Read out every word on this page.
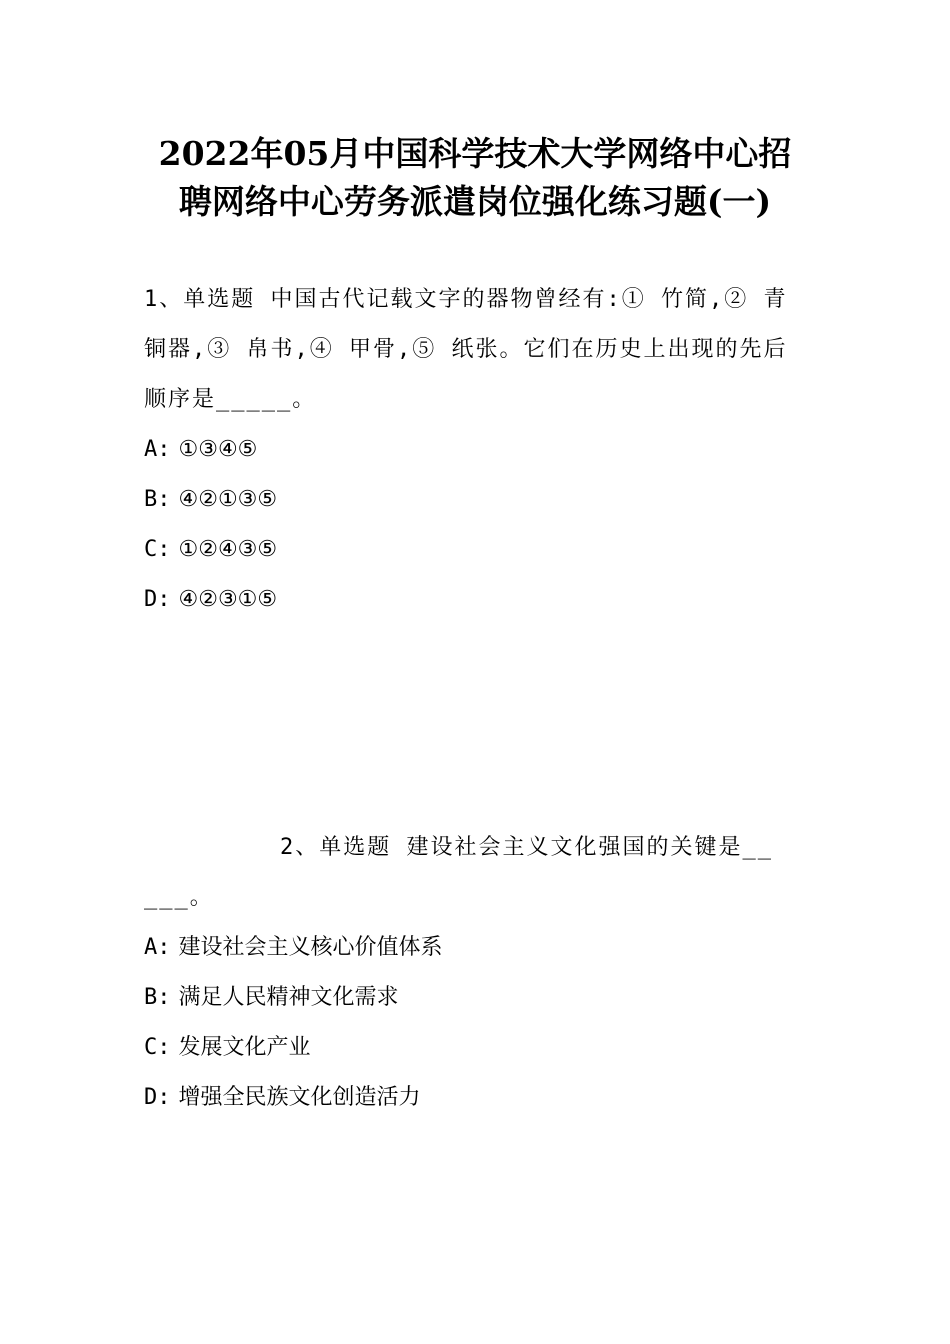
2022年05月中国科学技术大学网络中心招
聘网络中心劳务派遣岗位强化练习题(一)
1、单选题 中国古代记载文字的器物曾经有:① 竹简,② 青
铜器,③ 帛书,④ 甲骨,⑤ 纸张。它们在历史上出现的先后
顺序是_____。
A: ①③④⑤
B: ④②①③⑤
C: ①②④③⑤
D: ④②③①⑤
2、单选题 建设社会主义文化强国的关键是__
___。
A: 建设社会主义核心价值体系
B: 满足人民精神文化需求
C: 发展文化产业
D: 增强全民族文化创造活力
